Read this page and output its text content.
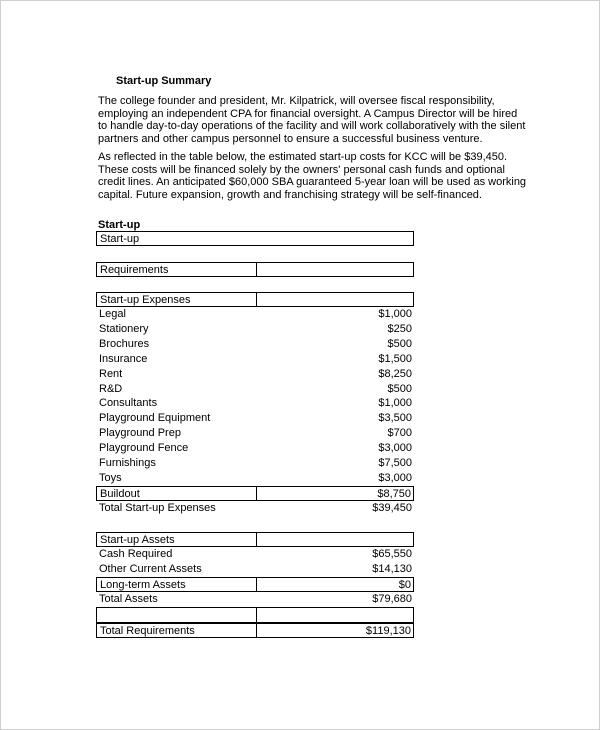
Start-up Summary
The college founder and president, Mr. Kilpatrick, will oversee fiscal responsibility, employing an independent CPA for financial oversight. A Campus Director will be hired to handle day-to-day operations of the facility and will work collaboratively with the silent partners and other campus personnel to ensure a successful business venture.
As reflected in the table below, the estimated start-up costs for KCC will be $39,450. These costs will be financed solely by the owners' personal cash funds and optional credit lines. An anticipated $60,000 SBA guaranteed 5-year loan will be used as working capital. Future expansion, growth and franchising strategy will be self-financed.
Start-up
Start-up
Requirements
Start-up Expenses
Legal	$1,000
Stationery	$250
Brochures	$500
Insurance	$1,500
Rent	$8,250
R&D	$500
Consultants	$1,000
Playground Equipment	$3,500
Playground Prep	$700
Playground Fence	$3,000
Furnishings	$7,500
Toys	$3,000
Buildout	$8,750
Total Start-up Expenses	$39,450
Start-up Assets
Cash Required	$65,550
Other Current Assets	$14,130
Long-term Assets	$0
Total Assets	$79,680
Total Requirements	$119,130
